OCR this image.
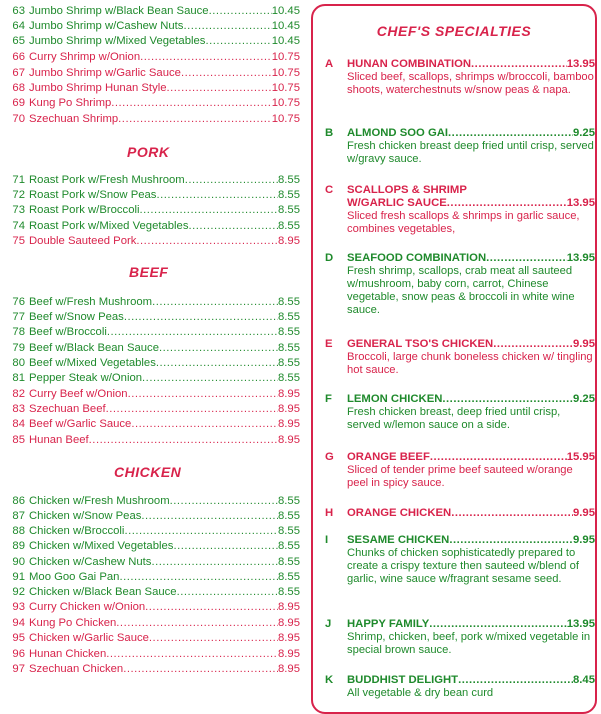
63 Jumbo Shrimp w/Black Bean Sauce .....	10.45
64 Jumbo Shrimp w/Cashew Nuts .....	10.45
65 Jumbo Shrimp w/Mixed Vegetables .....	10.45
66 Curry Shrimp w/Onion .....	10.75
67 Jumbo Shrimp w/Garlic Sauce .....	10.75
68 Jumbo Shrimp Hunan Style .....	10.75
69 Kung Po Shrimp .....	10.75
70 Szechuan Shrimp .....	10.75
71 Roast Pork w/Fresh Mushroom .....	8.55
72 Roast Pork w/Snow Peas .....	8.55
73 Roast Pork w/Broccoli .....	8.55
74 Roast Pork w/Mixed Vegetables .....	8.55
75 Double Sauteed Pork .....	8.95
76 Beef w/Fresh Mushroom .....	8.55
77 Beef w/Snow Peas .....	8.55
78 Beef w/Broccoli .....	8.55
79 Beef w/Black Bean Sauce .....	8.55
80 Beef w/Mixed Vegetables .....	8.55
81 Pepper Steak w/Onion .....	8.55
82 Curry Beef w/Onion .....	8.95
83 Szechuan Beef .....	8.95
84 Beef w/Garlic Sauce .....	8.95
85 Hunan Beef .....	8.95
86 Chicken w/Fresh Mushroom .....	8.55
87 Chicken w/Snow Peas .....	8.55
88 Chicken w/Broccoli .....	8.55
89 Chicken w/Mixed Vegetables .....	8.55
90 Chicken w/Cashew Nuts .....	8.55
91 Moo Goo Gai Pan .....	8.55
92 Chicken w/Black Bean Sauce .....	8.55
93 Curry Chicken w/Onion .....	8.95
94 Kung Po Chicken .....	8.95
95 Chicken w/Garlic Sauce .....	8.95
96 Hunan Chicken .....	8.95
97 Szechuan Chicken .....	8.95
PORK
BEEF
CHICKEN
CHEF'S SPECIALTIES
A	HUNAN COMBINATION .....	13.95
Sliced beef, scallops, shrimps w/broccoli, bamboo shoots, waterchestnuts w/snow peas & napa.
B	ALMOND SOO GAI .....	9.25
Fresh chicken breast deep fried until crisp, served w/gravy sauce.
C	SCALLOPS & SHRIMP
W/GARLIC SAUCE .....	13.95
Sliced fresh scallops & shrimps in garlic sauce, combines vegetables,
D	SEAFOOD COMBINATION .....	13.95
Fresh shrimp, scallops, crab meat all sauteed w/mushroom, baby corn, carrot, Chinese vegetable, snow peas & broccoli in white wine sauce.
E	GENERAL TSO'S CHICKEN .....	9.95
Broccoli, large chunk boneless chicken w/ tingling hot sauce.
F	LEMON CHICKEN .....	9.25
Fresh chicken breast, deep fried until crisp, served w/lemon sauce on a side.
G	ORANGE BEEF .....	15.95
Sliced of tender prime beef sauteed w/orange peel in spicy sauce.
H	ORANGE CHICKEN .....	9.95
I	SESAME CHICKEN .....	9.95
Chunks of chicken sophisticatedly prepared to create a crispy texture then sauteed w/blend of garlic, wine sauce w/fragrant sesame seed.
J	HAPPY FAMILY .....	13.95
Shrimp, chicken, beef, pork w/mixed vegetable in special brown sauce.
K	BUDDHIST DELIGHT .....	8.45
All vegetable & dry bean curd
